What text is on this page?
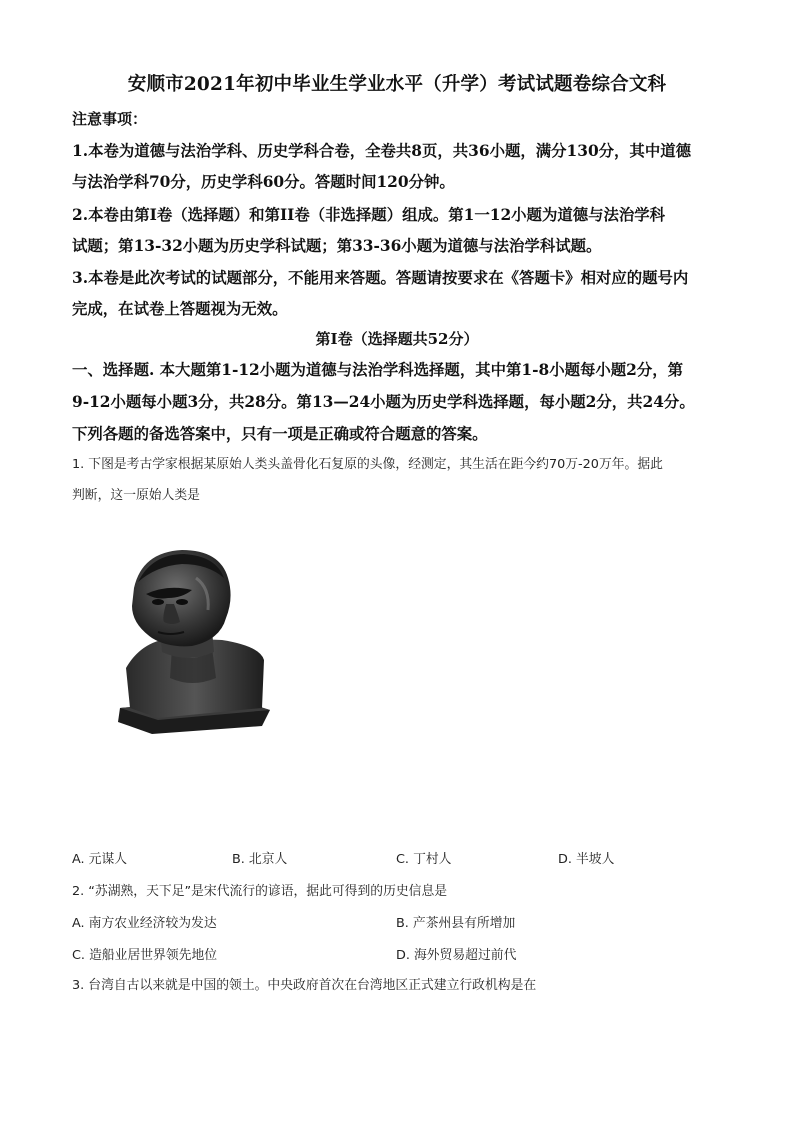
安顺市2021年初中毕业生学业水平（升学）考试试题卷综合文科
注意事项：
1.本卷为道德与法治学科、历史学科合卷，全卷共8页，共36小题，满分130分，其中道德
与法治学科70分，历史学科60分。答题时间120分钟。
2.本卷由第I卷（选择题）和第II卷（非选择题）组成。第1一12小题为道德与法治学科
试题；第13-32小题为历史学科试题；第33-36小题为道德与法治学科试题。
3.本卷是此次考试的试题部分，不能用来答题。答题请按要求在《答题卡》相对应的题号内
完成，在试卷上答题视为无效。
第I卷（选择题共52分）
一、选择题. 本大题第1-12小题为道德与法治学科选择题，其中第1-8小题每小题2分，第
9-12小题每小题3分，共28分。第13—24小题为历史学科选择题，每小题2分，共24分。
下列各题的备选答案中，只有一项是正确或符合题意的答案。
1. 下图是考古学家根据某原始人类头盖骨化石复原的头像，经测定，其生活在距今约70万-20万年。据此
判断，这一原始人类是
A. 元谋人	B. 北京人	C. 丁村人	D. 半坡人
2. “苏湖熟，天下足”是宋代流行的谚语，据此可得到的历史信息是
A. 南方农业经济较为发达	B. 产茶州县有所增加
C. 造船业居世界领先地位	D. 海外贸易超过前代
3. 台湾自古以来就是中国的领土。中央政府首次在台湾地区正式建立行政机构是在
